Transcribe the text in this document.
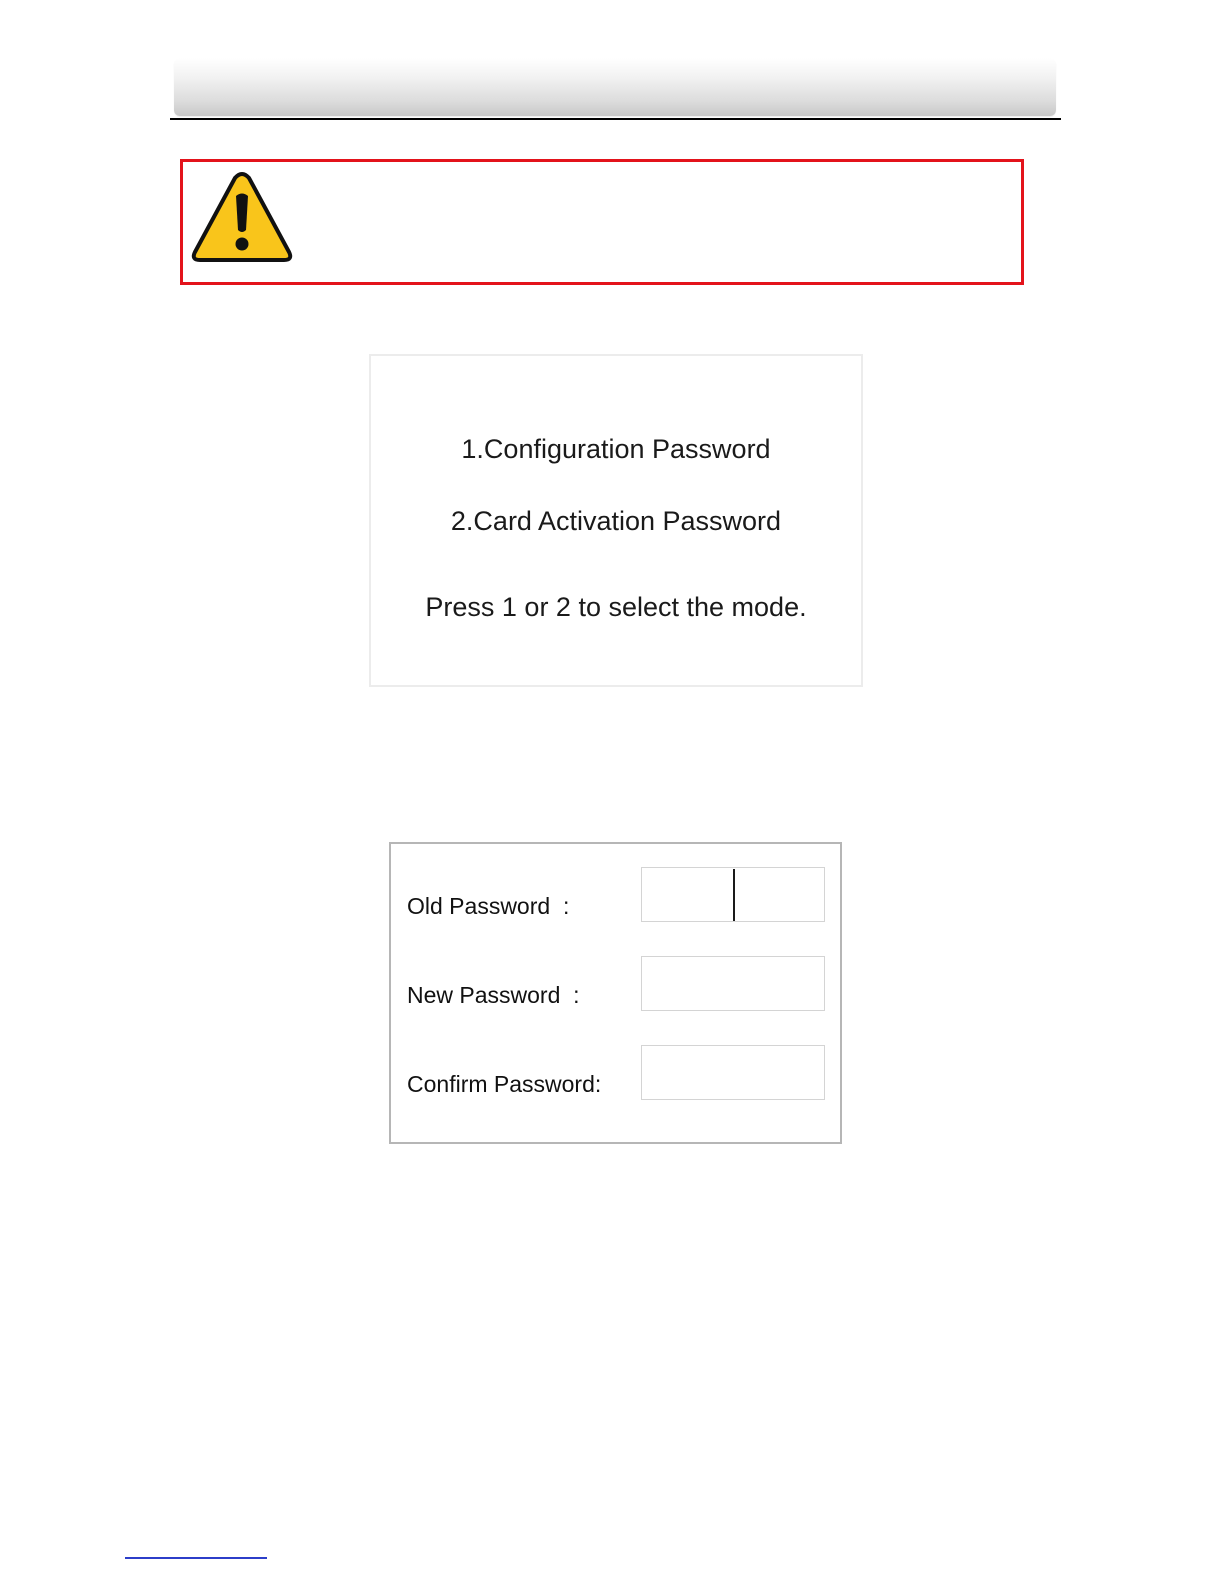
1.Configuration Password
2.Card Activation Password
Press 1 or 2 to select the mode.
Old Password  :
New Password  :
Confirm Password:
